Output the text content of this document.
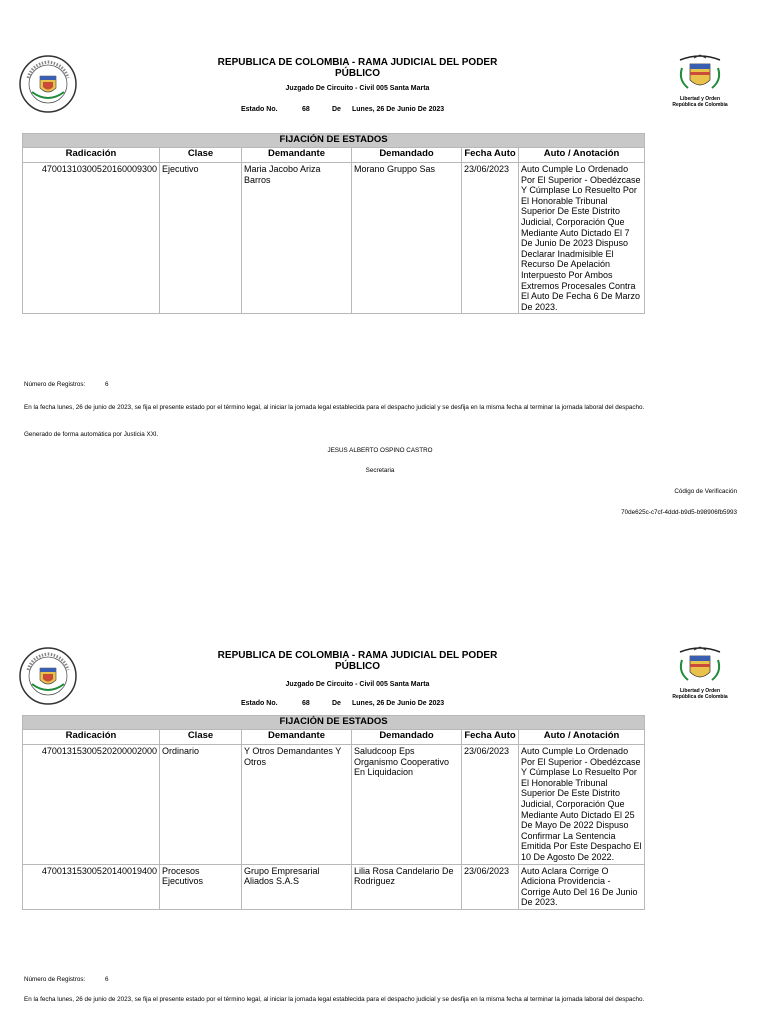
REPUBLICA DE COLOMBIA - RAMA JUDICIAL DEL PODER PÚBLICO
Juzgado De Circuito - Civil 005 Santa Marta
Estado No.	68	De Lunes, 26 De Junio De 2023
Libertad y Orden República de Colombia
FIJACIÓN DE ESTADOS					
Radicación	Clase	Demandante	Demandado	Fecha Auto	Auto / Anotación
47001310300520160009300	Ejecutivo	Maria Jacobo Ariza Barros	Morano Gruppo Sas	23/06/2023	Auto Cumple Lo Ordenado Por El Superior - Obedézcase Y Cúmplase Lo Resuelto Por El Honorable Tribunal Superior De Este Distrito Judicial, Corporación Que Mediante Auto Dictado El 7 De Junio De 2023 Dispuso Declarar Inadmisible El Recurso De Apelación Interpuesto Por Ambos Extremos Procesales Contra El Auto De Fecha 6 De Marzo De 2023.
Número de Registros:	6
En la fecha lunes, 26 de junio de 2023, se fija el presente estado por el término legal, al iniciar la jornada legal establecida para el despacho judicial y se desfija en la misma fecha al terminar la jornada laboral del despacho.
Generado de forma automática por Justicia XXI.
JESUS ALBERTO OSPINO CASTRO
Secretaria
Código de Verificación
70de625c-c7cf-4ddd-b9d5-b98906fb5993
Libertad y Orden República de Colombia
REPUBLICA DE COLOMBIA - RAMA JUDICIAL DEL PODER PÚBLICO
Juzgado De Circuito - Civil 005 Santa Marta
Estado No.	68	De Lunes, 26 De Junio De 2023
FIJACIÓN DE ESTADOS					
Radicación	Clase	Demandante	Demandado	Fecha Auto	Auto / Anotación
47001315300520200002000	Ordinario	Y Otros Demandantes Y Otros	Saludcoop Eps Organismo Cooperativo En Liquidacion	23/06/2023	Auto Cumple Lo Ordenado Por El Superior - Obedézcase Y Cúmplase Lo Resuelto Por El Honorable Tribunal Superior De Este Distrito Judicial, Corporación Que Mediante Auto Dictado El 25 De Mayo De 2022 Dispuso Confirmar La Sentencia Emitida Por Este Despacho El 10 De Agosto De 2022.
47001315300520140019400	Procesos Ejecutivos	Grupo Empresarial Aliados S.A.S	Lilia Rosa Candelario De Rodriguez	23/06/2023	Auto Aclara Corrige O Adiciona Providencia - Corrige Auto Del 16 De Junio De 2023.
Número de Registros:	6
En la fecha lunes, 26 de junio de 2023, se fija el presente estado por el término legal, al iniciar la jornada legal establecida para el despacho judicial y se desfija en la misma fecha al terminar la jornada laboral del despacho.
